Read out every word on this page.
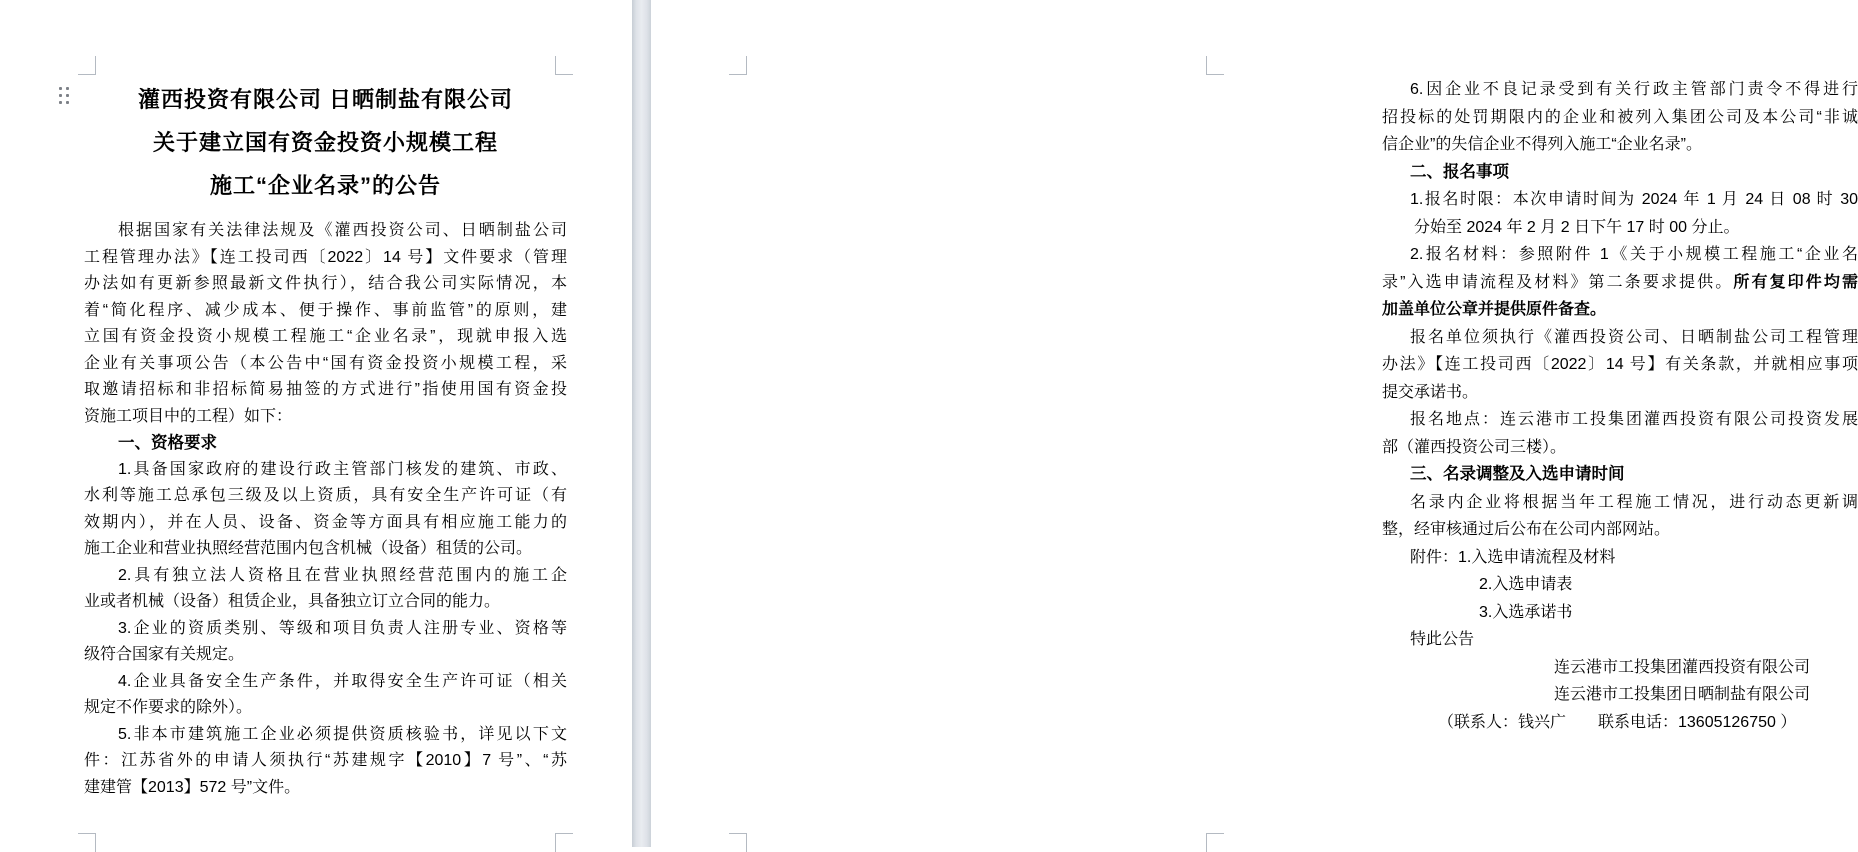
灌西投资有限公司 日晒制盐有限公司
关于建立国有资金投资小规模工程
施工“企业名录”的公告
根据国家有关法律法规及《灌西投资公司、日晒制盐公司
工程管理办法》【连工投司西〔2022〕14 号】文件要求（管理
办法如有更新参照最新文件执行），结合我公司实际情况，本
着“简化程序、减少成本、便于操作、事前监管”的原则，建
立国有资金投资小规模工程施工“企业名录”，现就申报入选
企业有关事项公告（本公告中“国有资金投资小规模工程，采
取邀请招标和非招标简易抽签的方式进行”指使用国有资金投
资施工项目中的工程）如下：
一、资格要求
1.具备国家政府的建设行政主管部门核发的建筑、市政、
水利等施工总承包三级及以上资质，具有安全生产许可证（有
效期内），并在人员、设备、资金等方面具有相应施工能力的
施工企业和营业执照经营范围内包含机械（设备）租赁的公司。
2.具有独立法人资格且在营业执照经营范围内的施工企
业或者机械（设备）租赁企业，具备独立订立合同的能力。
3.企业的资质类别、等级和项目负责人注册专业、资格等
级符合国家有关规定。
4.企业具备安全生产条件，并取得安全生产许可证（相关
规定不作要求的除外）。
5.非本市建筑施工企业必须提供资质核验书，详见以下文
件：江苏省外的申请人须执行“苏建规字【2010】7 号”、“苏
建建管【2013】572 号”文件。
6.因企业不良记录受到有关行政主管部门责令不得进行
招投标的处罚期限内的企业和被列入集团公司及本公司“非诚
信企业”的失信企业不得列入施工“企业名录”。
二、报名事项
1.报名时限：本次申请时间为 2024 年 1 月 24 日 08 时 30
分始至 2024 年 2 月 2 日下午 17 时 00 分止。
2.报名材料：参照附件 1《关于小规模工程施工“企业名
录”入选申请流程及材料》第二条要求提供。所有复印件均需
加盖单位公章并提供原件备查。
报名单位须执行《灌西投资公司、日晒制盐公司工程管理
办法》【连工投司西〔2022〕14 号】有关条款，并就相应事项
提交承诺书。
报名地点：连云港市工投集团灌西投资有限公司投资发展
部（灌西投资公司三楼）。
三、名录调整及入选申请时间
名录内企业将根据当年工程施工情况，进行动态更新调
整，经审核通过后公布在公司内部网站。
附件：1.入选申请流程及材料
2.入选申请表
3.入选承诺书
特此公告
连云港市工投集团灌西投资有限公司
连云港市工投集团日晒制盐有限公司
（联系人：钱兴广　　联系电话：13605126750 ）
